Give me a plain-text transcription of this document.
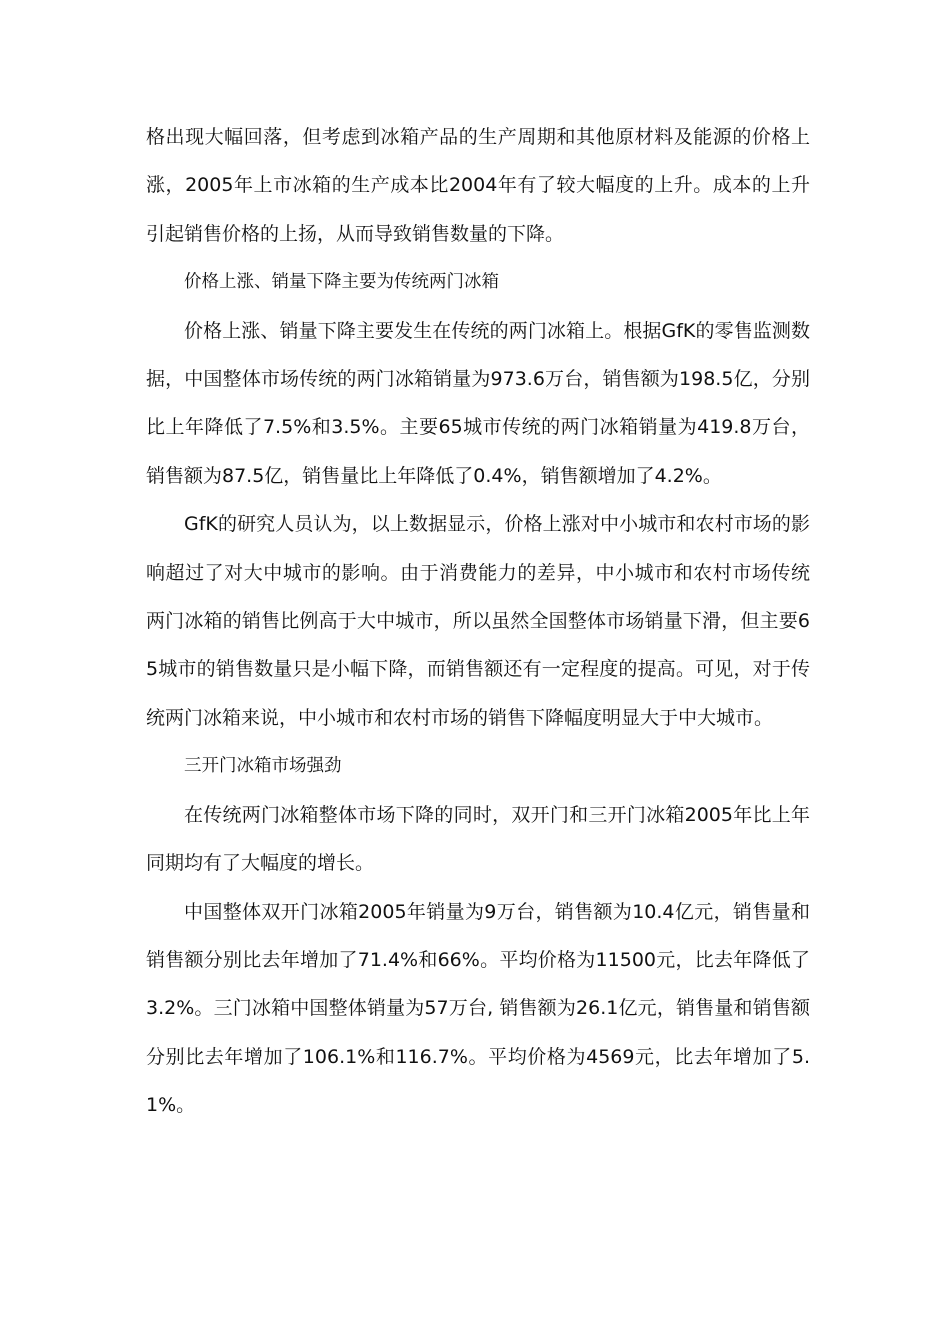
格出现大幅回落，但考虑到冰箱产品的生产周期和其他原材料及能源的价格上涨，2005年上市冰箱的生产成本比2004年有了较大幅度的上升。成本的上升引起销售价格的上扬，从而导致销售数量的下降。

价格上涨、销量下降主要为传统两门冰箱

价格上涨、销量下降主要发生在传统的两门冰箱上。根据GfK的零售监测数据，中国整体市场传统的两门冰箱销量为973.6万台，销售额为198.5亿，分别比上年降低了7.5%和3.5%。主要65城市传统的两门冰箱销量为419.8万台，销售额为87.5亿，销售量比上年降低了0.4%，销售额增加了4.2%。

GfK的研究人员认为，以上数据显示，价格上涨对中小城市和农村市场的影响超过了对大中城市的影响。由于消费能力的差异，中小城市和农村市场传统两门冰箱的销售比例高于大中城市，所以虽然全国整体市场销量下滑，但主要65城市的销售数量只是小幅下降，而销售额还有一定程度的提高。可见，对于传统两门冰箱来说，中小城市和农村市场的销售下降幅度明显大于中大城市。

三开门冰箱市场强劲

在传统两门冰箱整体市场下降的同时，双开门和三开门冰箱2005年比上年同期均有了大幅度的增长。

中国整体双开门冰箱2005年销量为9万台，销售额为10.4亿元，销售量和销售额分别比去年增加了71.4%和66%。平均价格为11500元，比去年降低了3.2%。三门冰箱中国整体销量为57万台, 销售额为26.1亿元，销售量和销售额分别比去年增加了106.1%和116.7%。平均价格为4569元，比去年增加了5.1%。
